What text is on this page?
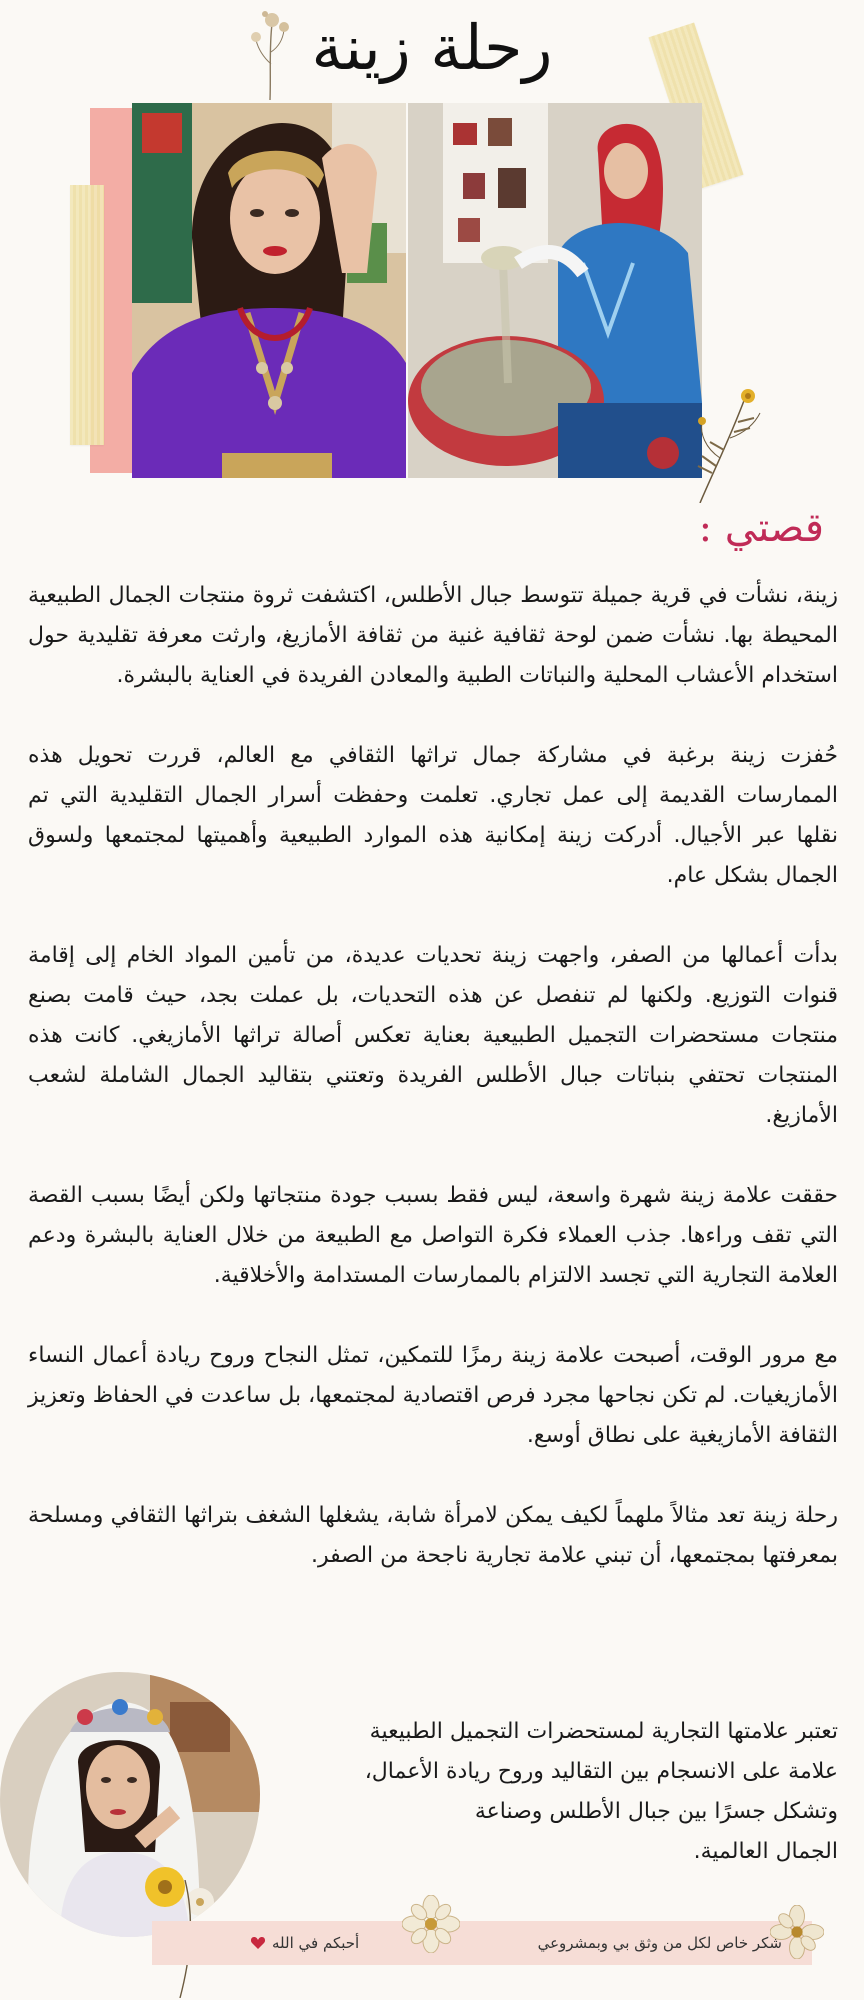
رحلة زينة
قصتي :

زينة، نشأت في قرية جميلة تتوسط جبال الأطلس، اكتشفت ثروة منتجات الجمال الطبيعية المحيطة بها. نشأت ضمن لوحة ثقافية غنية من ثقافة الأمازيغ، وارثت معرفة تقليدية حول استخدام الأعشاب المحلية والنباتات الطبية والمعادن الفريدة في العناية بالبشرة.

حُفزت زينة برغبة في مشاركة جمال تراثها الثقافي مع العالم، قررت تحويل هذه الممارسات القديمة إلى عمل تجاري. تعلمت وحفظت أسرار الجمال التقليدية التي تم نقلها عبر الأجيال. أدركت زينة إمكانية هذه الموارد الطبيعية وأهميتها لمجتمعها ولسوق الجمال بشكل عام.

بدأت أعمالها من الصفر، واجهت زينة تحديات عديدة، من تأمين المواد الخام إلى إقامة قنوات التوزيع. ولكنها لم تنفصل عن هذه التحديات، بل عملت بجد، حيث قامت بصنع منتجات مستحضرات التجميل الطبيعية بعناية تعكس أصالة تراثها الأمازيغي. كانت هذه المنتجات تحتفي بنباتات جبال الأطلس الفريدة وتعتني بتقاليد الجمال الشاملة لشعب الأمازيغ.

حققت علامة زينة شهرة واسعة، ليس فقط بسبب جودة منتجاتها ولكن أيضًا بسبب القصة التي تقف وراءها. جذب العملاء فكرة التواصل مع الطبيعة من خلال العناية بالبشرة ودعم العلامة التجارية التي تجسد الالتزام بالممارسات المستدامة والأخلاقية.

مع مرور الوقت، أصبحت علامة زينة رمزًا للتمكين، تمثل النجاح وروح ريادة أعمال النساء الأمازيغيات. لم تكن نجاحها مجرد فرص اقتصادية لمجتمعها، بل ساعدت في الحفاظ وتعزيز الثقافة الأمازيغية على نطاق أوسع.

رحلة زينة تعد مثالاً ملهماً لكيف يمكن لامرأة شابة، يشغلها الشغف بتراثها الثقافي ومسلحة بمعرفتها بمجتمعها، أن تبني علامة تجارية ناجحة من الصفر.

تعتبر علامتها التجارية لمستحضرات التجميل الطبيعية
علامة على الانسجام بين التقاليد وروح ريادة الأعمال،
وتشكل جسرًا بين جبال الأطلس وصناعة
الجمال العالمية.

شكر خاص لكل من وثق بي وبمشروعي

أحبكم في الله
